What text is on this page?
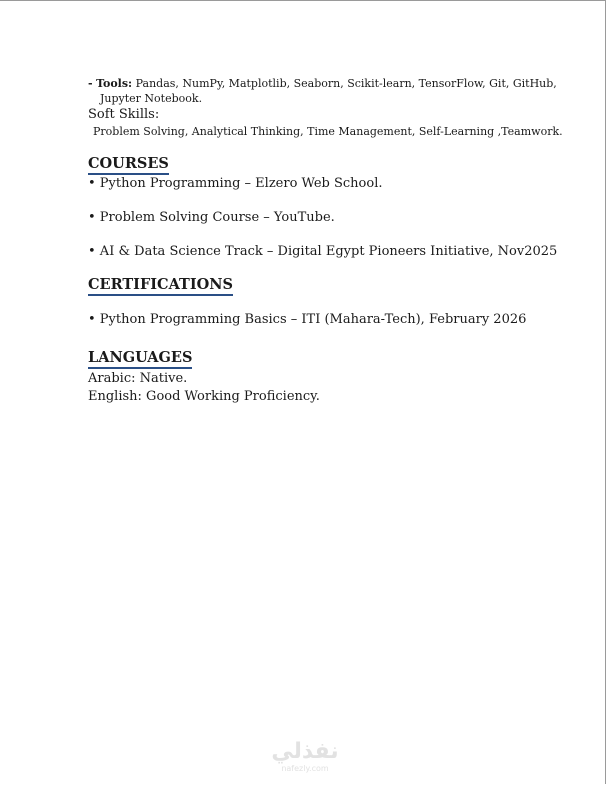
- Tools: Pandas, NumPy, Matplotlib, Seaborn, Scikit-learn, TensorFlow, Git, GitHub,

Jupyter Notebook.

Soft Skills:

Problem Solving, Analytical Thinking, Time Management, Self-Learning ,Teamwork.

COURSES

• Python Programming – Elzero Web School.

• Problem Solving Course – YouTube.

• AI & Data Science Track – Digital Egypt Pioneers Initiative, Nov2025

CERTIFICATIONS

• Python Programming Basics – ITI (Mahara-Tech), February 2026

LANGUAGES

Arabic: Native.

English: Good Working Proficiency.

نفذلي
nafezly.com
